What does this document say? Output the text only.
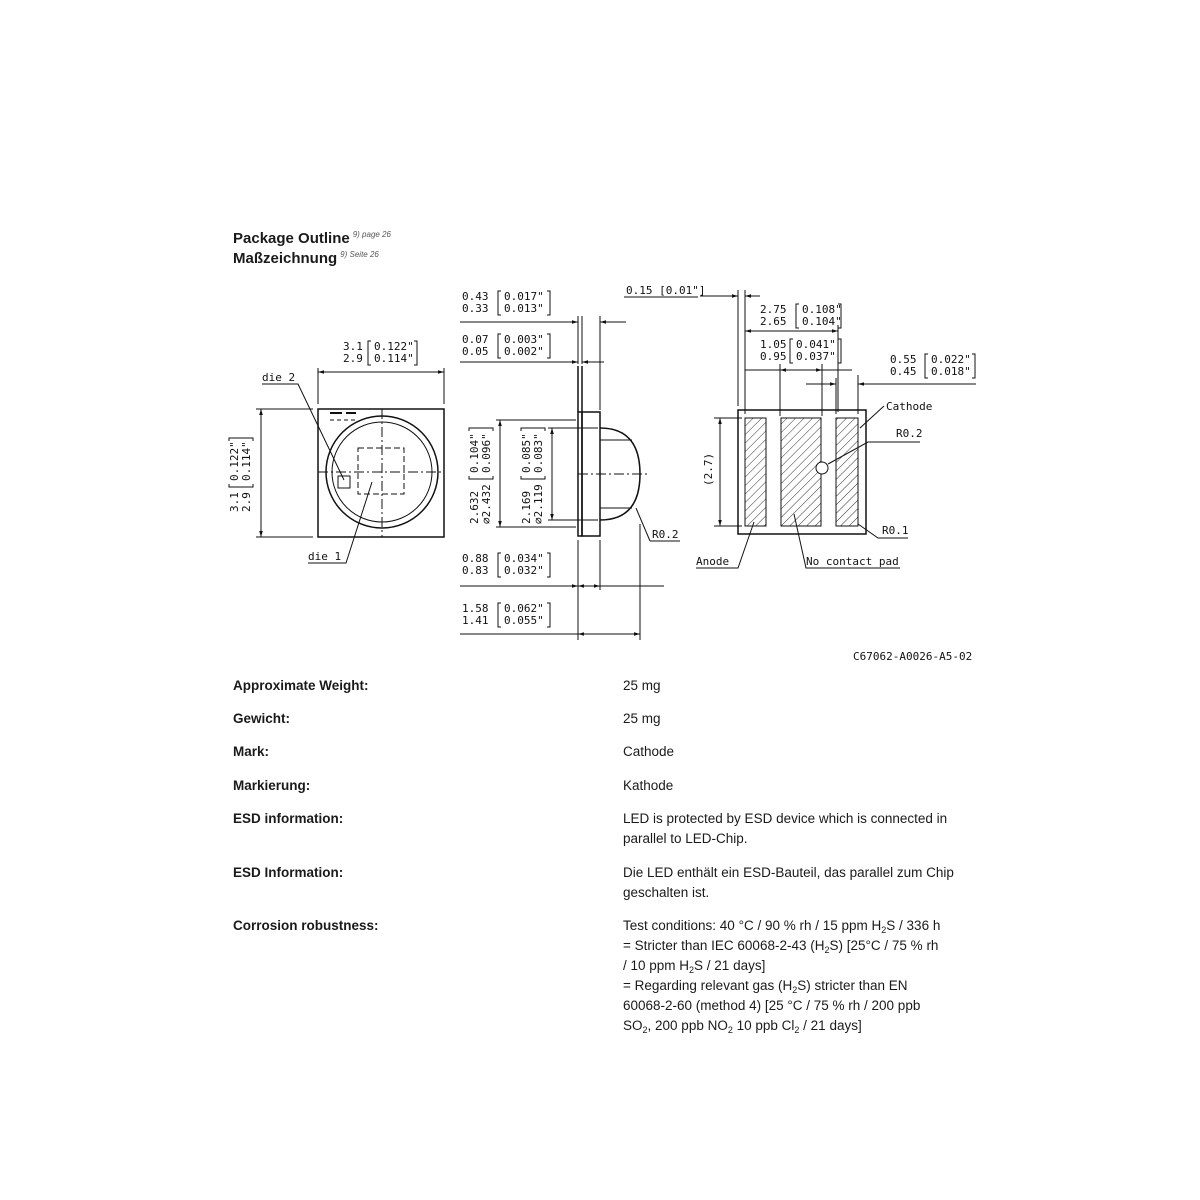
Package Outline $^{9) page 26}$
Maßzeichnung $^{9) Seite 26}$
3.1
2.9
0.122"
0.114"
3.1 2.9
0.122" 0.114"
die 2
die 1
0.43
0.33
0.017"
0.013"
0.07
0.05
0.003"
0.002"
2.632 ⌀2.432
0.104" 0.096"
2.169 ⌀2.119
0.085" 0.083"
R0.2
0.88
0.83
0.034"
0.032"
1.58
1.41
0.062"
0.055"
0.15 [0.01"]
2.75
2.65
0.108"
0.104"
1.05
0.95
0.041"
0.037"	0.55
0.45
0.022"
0.018"
(2.7)
Cathode
R0.2
R0.1
Anode	No contact pad
C67062-A0026-A5-02
Approximate Weight:	25 mg
Gewicht:	25 mg
Mark:	Cathode
Markierung:	Kathode
ESD information:	LED is protected by ESD device which is connected in parallel to LED-Chip.
ESD Information:	Die LED enthält ein ESD-Bauteil, das parallel zum Chip geschalten ist.
Corrosion robustness:	Test conditions: 40 °C / 90 % rh / 15 ppm $H_2S / 336$ h
= Stricter than IEC 60068-2-43 $(H_2S)$ [25°C / 75 % rh
/ 10 ppm $H_2S / 21$ days]
= Regarding relevant gas $(H_2S)$ stricter than EN
60068-2-60 (method 4) [25 °C / 75 % rh / 200 ppb
$SO_2$, 200 ppb $NO_2$ 10 ppb $Cl_2 / 21$ days]
